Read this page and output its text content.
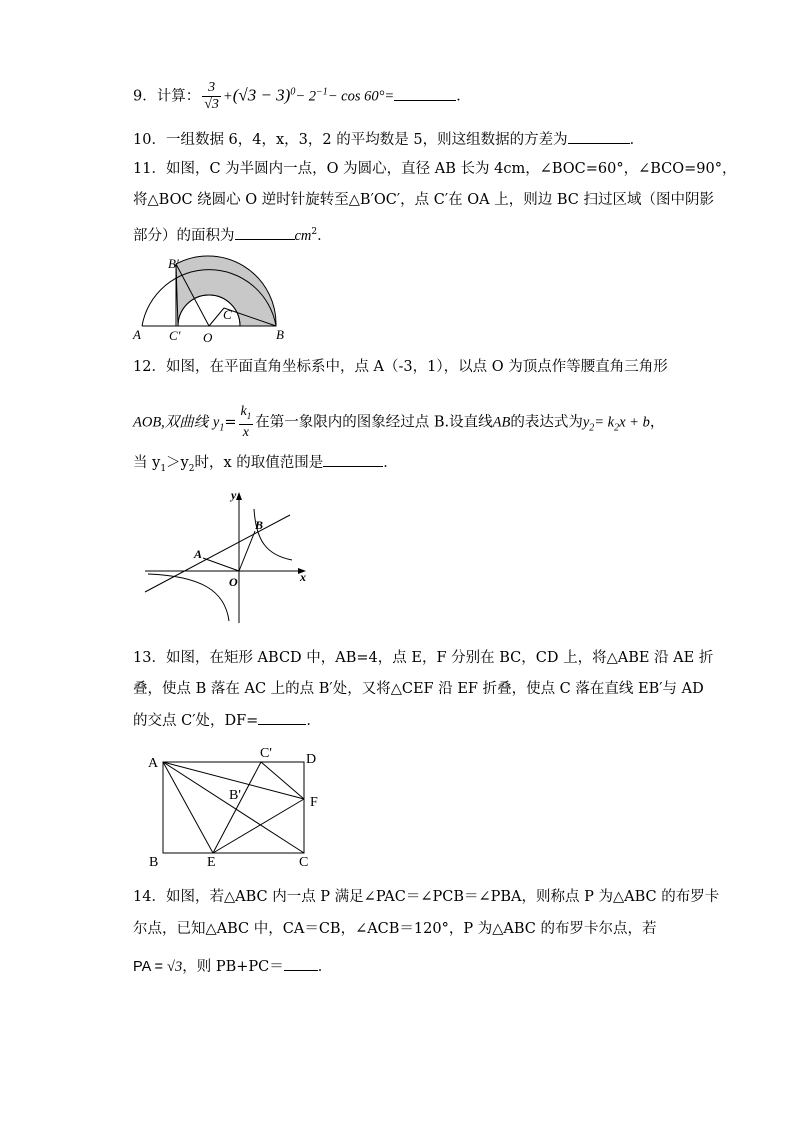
9．计算： $\frac{3}{√3} +(√3 - 3)^0- 2^{-1}- \cos 60^\circ=$	．
10．一组数据 6，4，x，3，2 的平均数是 5，则这组数据的方差为	．
11．如图，C 为半圆内一点，O 为圆心，直径 AB 长为 4cm，∠BOC=60°，∠BCO=90°，
将△BOC 绕圆心 O 逆时针旋转至△B′OC′，点 C′在 OA 上，则边 BC 扫过区域（图中阴影
部分）的面积为	$cm^2$．
A C′ O
C
B
B′
12．如图，在平面直角坐标系中，点 A（-3，1），以点 O 为顶点作等腰直角三角形
AOB,双曲线 $y_1= \frac{k_1}{x}$ 在第一象限内的图象经过点 B.设直线AB的表达式为$y_2= k_2x + b$，
当 $y_1>y_2$时，x 的取值范围是	．
y
x
O
A
B
13．如图，在矩形 ABCD 中，AB=4，点 E，F 分别在 BC，CD 上，将△ABE 沿 AE 折
叠，使点 B 落在 AC 上的点 B′处，又将△CEF 沿 EF 折叠，使点 C 落在直线 EB′与 AD
的交点 C′处，DF=	．
A
C' D
B'	F
B	E	C
14．如图，若△ABC 内一点 P 满足∠PAC＝∠PCB＝∠PBA，则称点 P 为△ABC 的布罗卡
尔点，已知△ABC 中，CA＝CB，∠ACB＝120°，P 为△ABC 的布罗卡尔点，若
PA = √3，则 PB+PC＝ ．
